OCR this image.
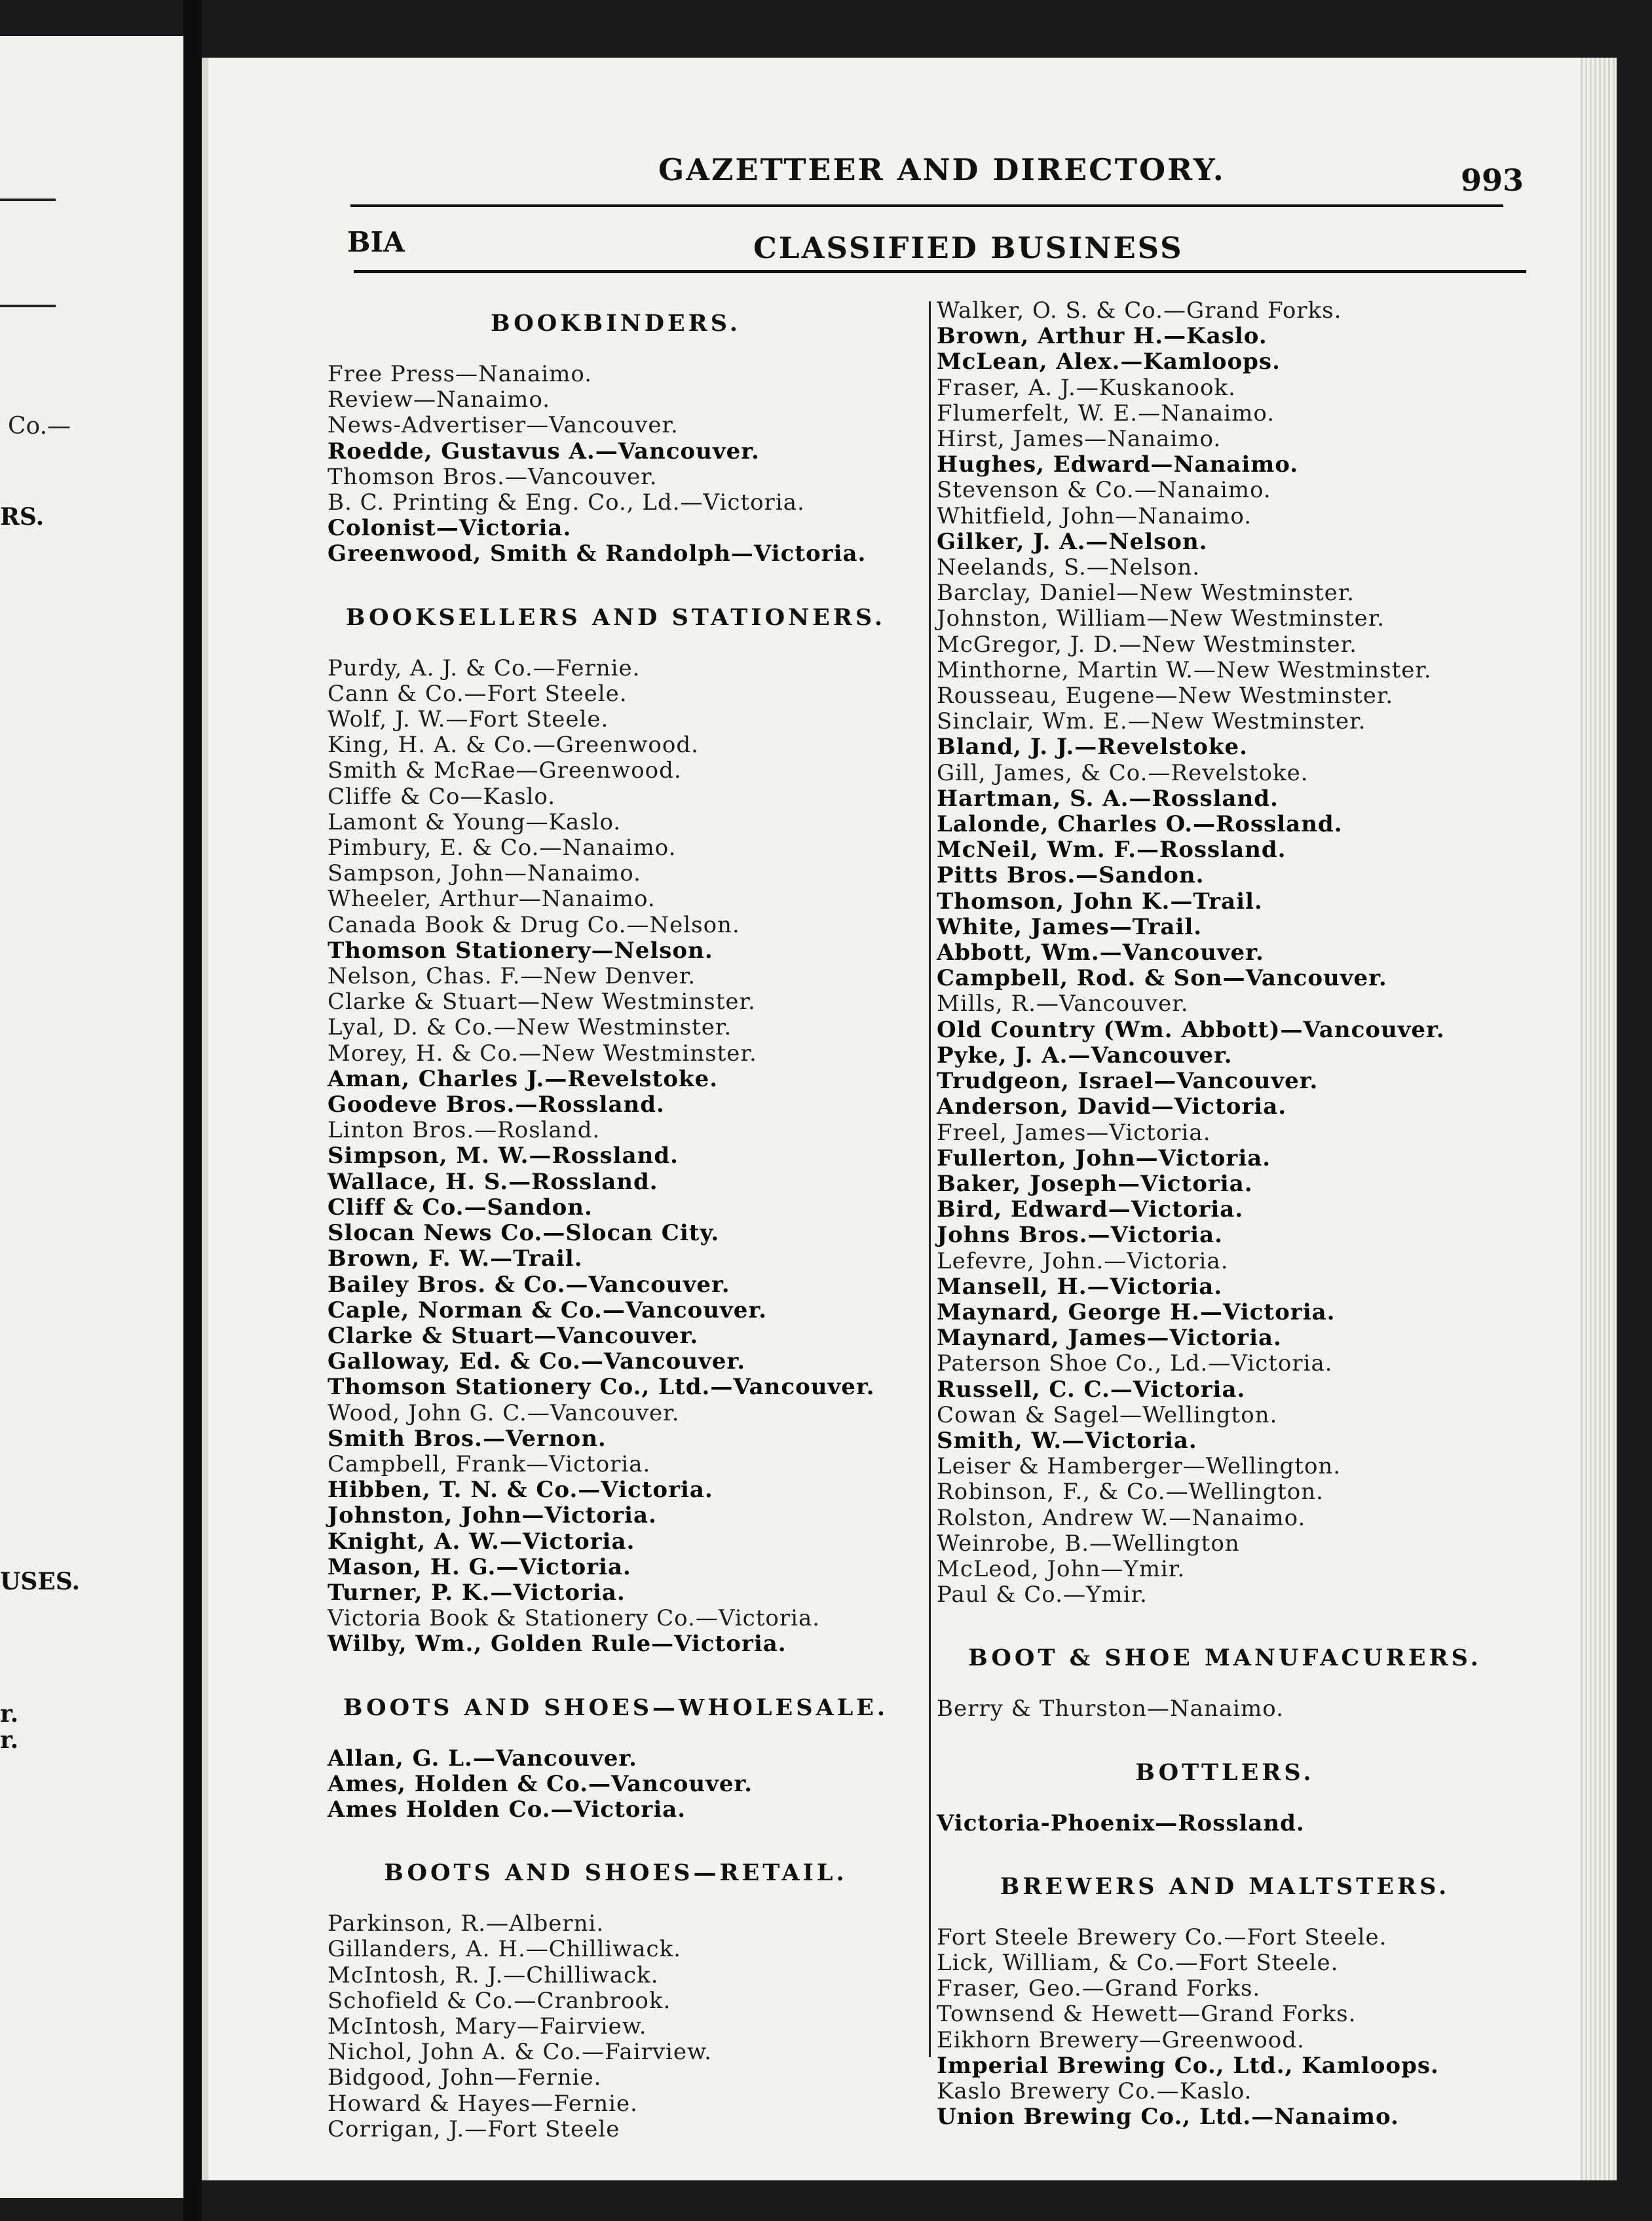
Co.—
RS.
USES.
r.
r.
GAZETTEER AND DIRECTORY.	993
BIA	CLASSIFIED BUSINESS
BOOKBINDERS.
Free Press—Nanaimo.
Review—Nanaimo.
News-Advertiser—Vancouver.
Roedde, Gustavus A.—Vancouver.
Thomson Bros.—Vancouver.
B. C. Printing & Eng. Co., Ld.—Victoria.
Colonist—Victoria.
Greenwood, Smith & Randolph—Victoria.
BOOKSELLERS AND STATIONERS.
Purdy, A. J. & Co.—Fernie.
Cann & Co.—Fort Steele.
Wolf, J. W.—Fort Steele.
King, H. A. & Co.—Greenwood.
Smith & McRae—Greenwood.
Cliffe & Co—Kaslo.
Lamont & Young—Kaslo.
Pimbury, E. & Co.—Nanaimo.
Sampson, John—Nanaimo.
Wheeler, Arthur—Nanaimo.
Canada Book & Drug Co.—Nelson.
Thomson Stationery—Nelson.
Nelson, Chas. F.—New Denver.
Clarke & Stuart—New Westminster.
Lyal, D. & Co.—New Westminster.
Morey, H. & Co.—New Westminster.
Aman, Charles J.—Revelstoke.
Goodeve Bros.—Rossland.
Linton Bros.—Rosland.
Simpson, M. W.—Rossland.
Wallace, H. S.—Rossland.
Cliff & Co.—Sandon.
Slocan News Co.—Slocan City.
Brown, F. W.—Trail.
Bailey Bros. & Co.—Vancouver.
Caple, Norman & Co.—Vancouver.
Clarke & Stuart—Vancouver.
Galloway, Ed. & Co.—Vancouver.
Thomson Stationery Co., Ltd.—Vancouver.
Wood, John G. C.—Vancouver.
Smith Bros.—Vernon.
Campbell, Frank—Victoria.
Hibben, T. N. & Co.—Victoria.
Johnston, John—Victoria.
Knight, A. W.—Victoria.
Mason, H. G.—Victoria.
Turner, P. K.—Victoria.
Victoria Book & Stationery Co.—Victoria.
Wilby, Wm., Golden Rule—Victoria.
BOOTS AND SHOES—WHOLESALE.
Allan, G. L.—Vancouver.
Ames, Holden & Co.—Vancouver.
Ames Holden Co.—Victoria.
BOOTS AND SHOES—RETAIL.
Parkinson, R.—Alberni.
Gillanders, A. H.—Chilliwack.
McIntosh, R. J.—Chilliwack.
Schofield & Co.—Cranbrook.
McIntosh, Mary—Fairview.
Nichol, John A. & Co.—Fairview.
Bidgood, John—Fernie.
Howard & Hayes—Fernie.
Corrigan, J.—Fort Steele
Walker, O. S. & Co.—Grand Forks.
Brown, Arthur H.—Kaslo.
McLean, Alex.—Kamloops.
Fraser, A. J.—Kuskanook.
Flumerfelt, W. E.—Nanaimo.
Hirst, James—Nanaimo.
Hughes, Edward—Nanaimo.
Stevenson & Co.—Nanaimo.
Whitfield, John—Nanaimo.
Gilker, J. A.—Nelson.
Neelands, S.—Nelson.
Barclay, Daniel—New Westminster.
Johnston, William—New Westminster.
McGregor, J. D.—New Westminster.
Minthorne, Martin W.—New Westminster.
Rousseau, Eugene—New Westminster.
Sinclair, Wm. E.—New Westminster.
Bland, J. J.—Revelstoke.
Gill, James, & Co.—Revelstoke.
Hartman, S. A.—Rossland.
Lalonde, Charles O.—Rossland.
McNeil, Wm. F.—Rossland.
Pitts Bros.—Sandon.
Thomson, John K.—Trail.
White, James—Trail.
Abbott, Wm.—Vancouver.
Campbell, Rod. & Son—Vancouver.
Mills, R.—Vancouver.
Old Country (Wm. Abbott)—Vancouver.
Pyke, J. A.—Vancouver.
Trudgeon, Israel—Vancouver.
Anderson, David—Victoria.
Freel, James—Victoria.
Fullerton, John—Victoria.
Baker, Joseph—Victoria.
Bird, Edward—Victoria.
Johns Bros.—Victoria.
Lefevre, John.—Victoria.
Mansell, H.—Victoria.
Maynard, George H.—Victoria.
Maynard, James—Victoria.
Paterson Shoe Co., Ld.—Victoria.
Russell, C. C.—Victoria.
Cowan & Sagel—Wellington.
Smith, W.—Victoria.
Leiser & Hamberger—Wellington.
Robinson, F., & Co.—Wellington.
Rolston, Andrew W.—Nanaimo.
Weinrobe, B.—Wellington
McLeod, John—Ymir.
Paul & Co.—Ymir.
BOOT & SHOE MANUFACURERS.
Berry & Thurston—Nanaimo.
BOTTLERS.
Victoria-Phoenix—Rossland.
BREWERS AND MALTSTERS.
Fort Steele Brewery Co.—Fort Steele.
Lick, William, & Co.—Fort Steele.
Fraser, Geo.—Grand Forks.
Townsend & Hewett—Grand Forks.
Eikhorn Brewery—Greenwood.
Imperial Brewing Co., Ltd., Kamloops.
Kaslo Brewery Co.—Kaslo.
Union Brewing Co., Ltd.—Nanaimo.
